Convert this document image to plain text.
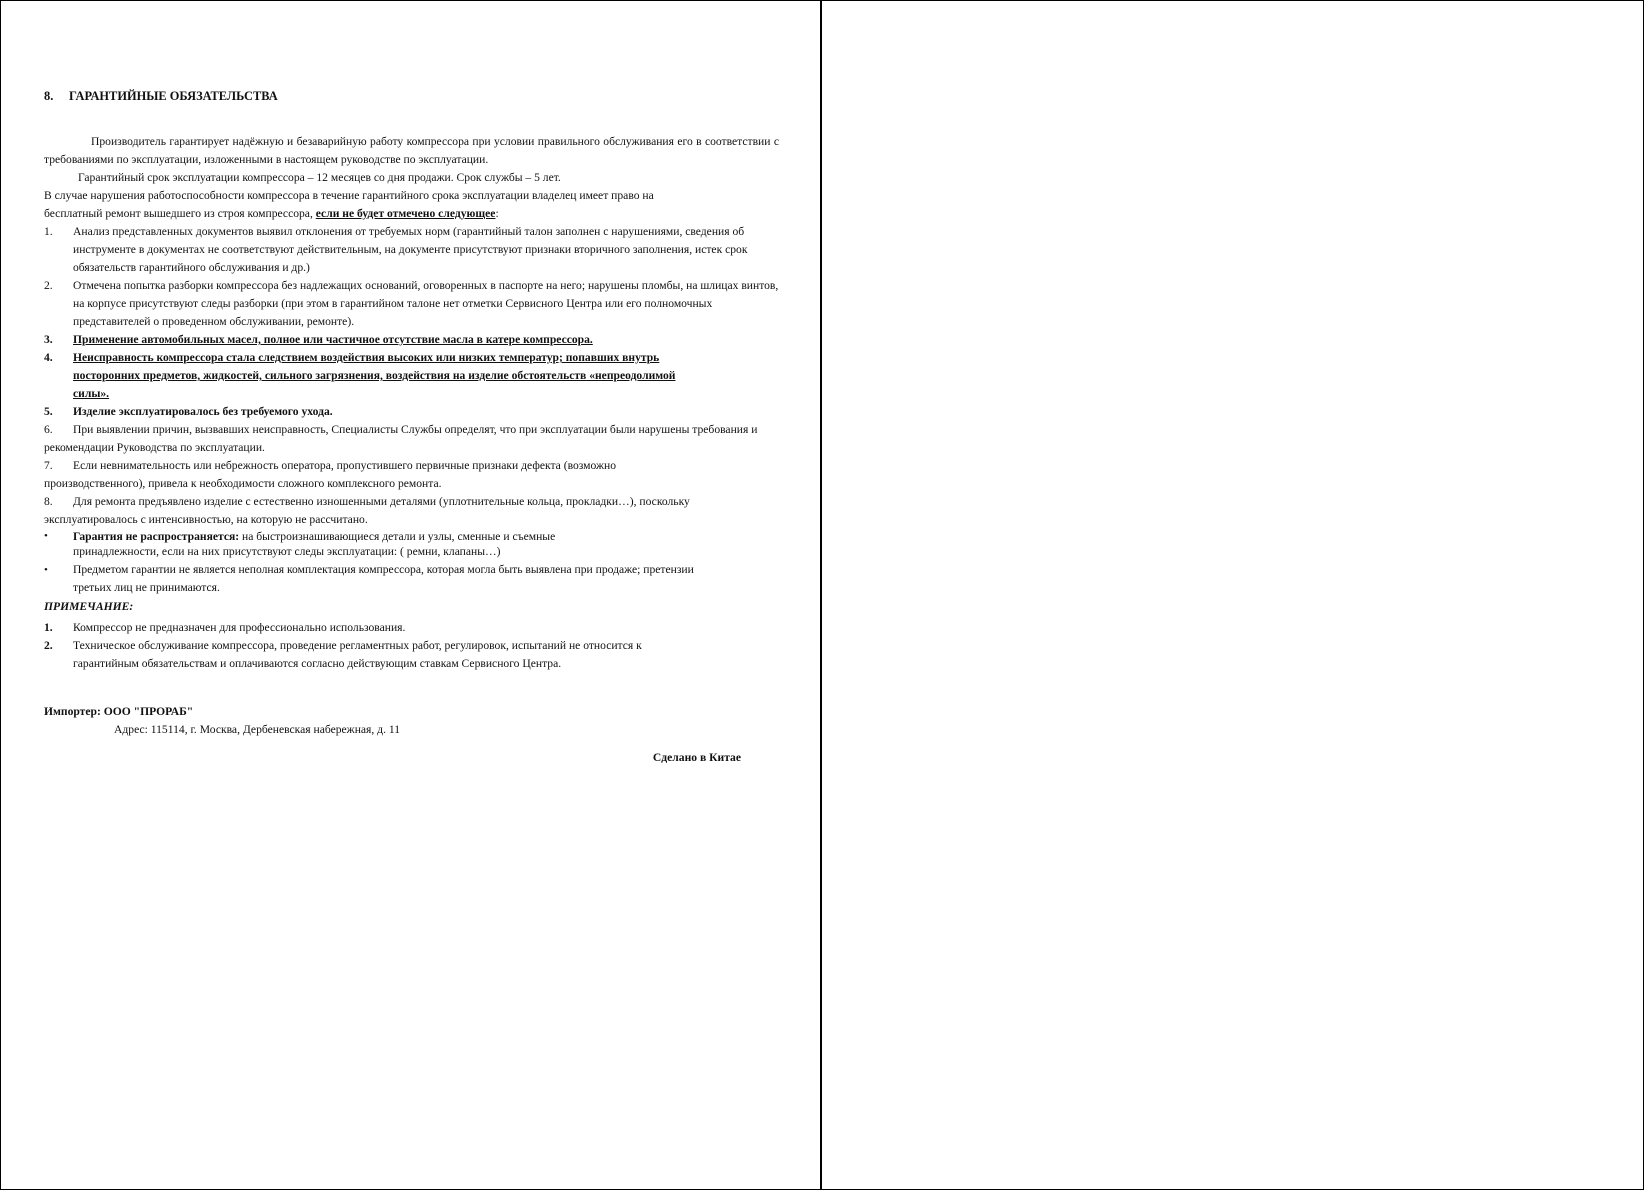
8. ГАРАНТИЙНЫЕ ОБЯЗАТЕЛЬСТВА

Производитель гарантирует надёжную и безаварийную работу компрессора при условии правильного обслуживания его в соответствии с требованиями по эксплуатации, изложенными в настоящем руководстве по эксплуатации.

Гарантийный срок эксплуатации компрессора – 12 месяцев со дня продажи. Срок службы – 5 лет.

В случае нарушения работоспособности компрессора в течение гарантийного срока эксплуатации владелец имеет право на

бесплатный ремонт вышедшего из строя компрессора, если не будет отмечено следующее:

1.	Анализ представленных документов выявил отклонения от требуемых норм (гарантийный талон заполнен с нарушениями, сведения об инструменте в документах не соответствуют действительным, на документе присутствуют признаки вторичного заполнения, истек срок обязательств гарантийного обслуживания и др.)
2.	Отмечена попытка разборки компрессора без надлежащих оснований, оговоренных в паспорте на него; нарушены пломбы, на шлицах винтов, на корпусе присутствуют следы разборки (при этом в гарантийном талоне нет отметки Сервисного Центра или его полномочных представителей о проведенном обслуживании, ремонте).
3.	Применение автомобильных масел, полное или частичное отсутствие масла в катере компрессора.
4.	Неисправность компрессора стала следствием воздействия высоких или низких температур; попавших внутрь посторонних предметов, жидкостей, сильного загрязнения, воздействия на изделие обстоятельств «непреодолимой силы».
5.	Изделие эксплуатировалось без требуемого ухода.

6. При выявлении причин, вызвавших неисправность, Специалисты Службы определят, что при эксплуатации были нарушены требования и рекомендации Руководства по эксплуатации.

7. Если невнимательность или небрежность оператора, пропустившего первичные признаки дефекта (возможно производственного), привела к необходимости сложного комплексного ремонта.

8. Для ремонта предъявлено изделие с естественно изношенными деталями (уплотнительные кольца, прокладки…), поскольку эксплуатировалось с интенсивностью, на которую не рассчитано.

•	Гарантия не распространяется: на быстроизнашивающиеся детали и узлы, сменные и съемные принадлежности, если на них присутствуют следы эксплуатации: ( ремни, клапаны…)
•	Предметом гарантии не является неполная комплектация компрессора, которая могла быть выявлена при продаже; претензии третьих лиц не принимаются.

ПРИМЕЧАНИЕ:

1.	Компрессор не предназначен для профессионально использования.
2.	Техническое обслуживание компрессора, проведение регламентных работ, регулировок, испытаний не относится к гарантийным обязательствам и оплачиваются согласно действующим ставкам Сервисного Центра.

Импортер: ООО "ПРОРАБ"

Адрес: 115114, г. Москва, Дербеневская набережная, д. 11

Сделано в Китае
